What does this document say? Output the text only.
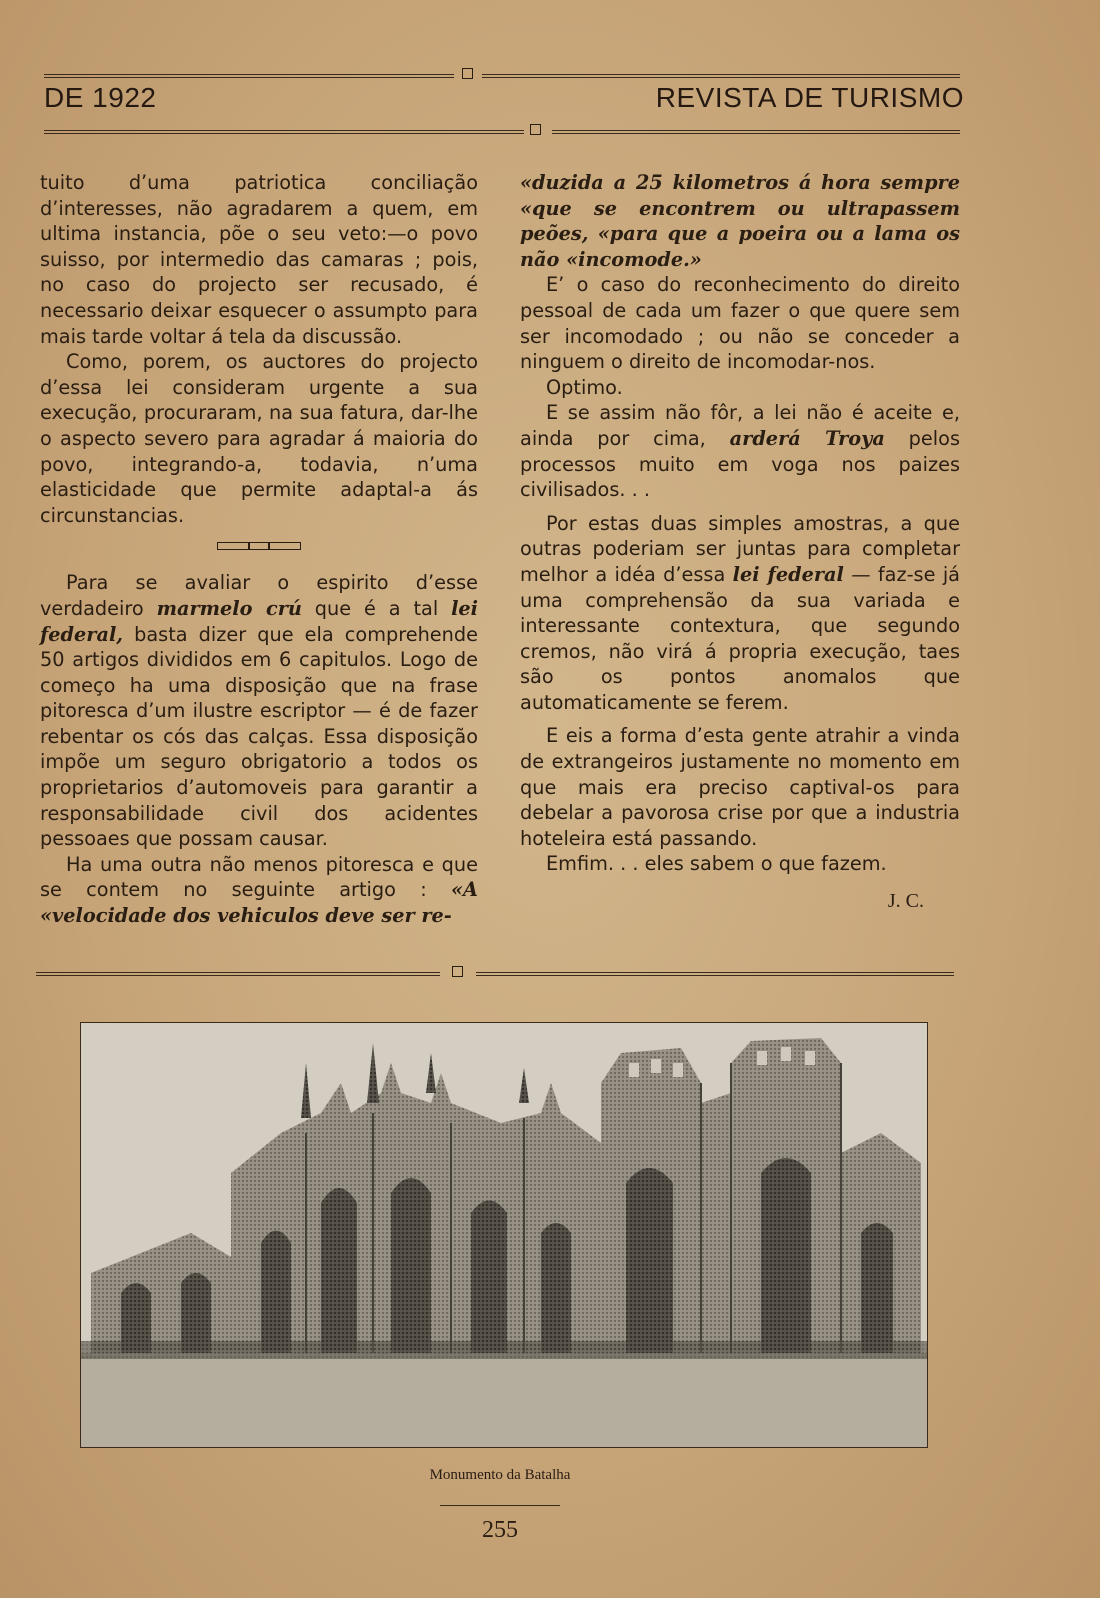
DE 1922	REVISTA DE TURISMO

tuito d’uma patriotica conciliação d’interesses, não agradarem a quem, em ultima instancia, põe o seu veto:—o povo suisso, por intermedio das camaras ; pois, no caso do projecto ser recusado, é necessario deixar esquecer o assumpto para mais tarde voltar á tela da discussão.

Como, porem, os auctores do projecto d’essa lei consideram urgente a sua execução, procuraram, na sua fatura, dar-lhe o aspecto severo para agradar á maioria do povo, integrando-a, todavia, n’uma elasticidade que permite adaptal-a ás circunstancias.

Para se avaliar o espirito d’esse verdadeiro marmelo crú que é a tal lei federal, basta dizer que ela comprehende 50 artigos divididos em 6 capitulos. Logo de começo ha uma disposição que na frase pitoresca d’um ilustre escriptor — é de fazer rebentar os cós das calças. Essa disposição impõe um seguro obrigatorio a todos os proprietarios d’automoveis para garantir a responsabilidade civil dos acidentes pessoaes que possam causar.

Ha uma outra não menos pitoresca e que se contem no seguinte artigo : «A «velocidade dos vehiculos deve ser re-

«duzida a 25 kilometros á hora sempre «que se encontrem ou ultrapassem peões, «para que a poeira ou a lama os não «incomode.»

E’ o caso do reconhecimento do direito pessoal de cada um fazer o que quere sem ser incomodado ; ou não se conceder a ninguem o direito de incomodar-nos.

Optimo.

E se assim não fôr, a lei não é aceite e, ainda por cima, arderá Troya pelos processos muito em voga nos paizes civilisados. . .

Por estas duas simples amostras, a que outras poderiam ser juntas para completar melhor a idéa d’essa lei federal — faz-se já uma comprehensão da sua variada e interessante contextura, que segundo cremos, não virá á propria execução, taes são os pontos anomalos que automaticamente se ferem.

E eis a forma d’esta gente atrahir a vinda de extrangeiros justamente no momento em que mais era preciso captival-os para debelar a pavorosa crise por que a industria hoteleira está passando.

Emfim. . . eles sabem o que fazem.

J. C.

Monumento da Batalha
255
